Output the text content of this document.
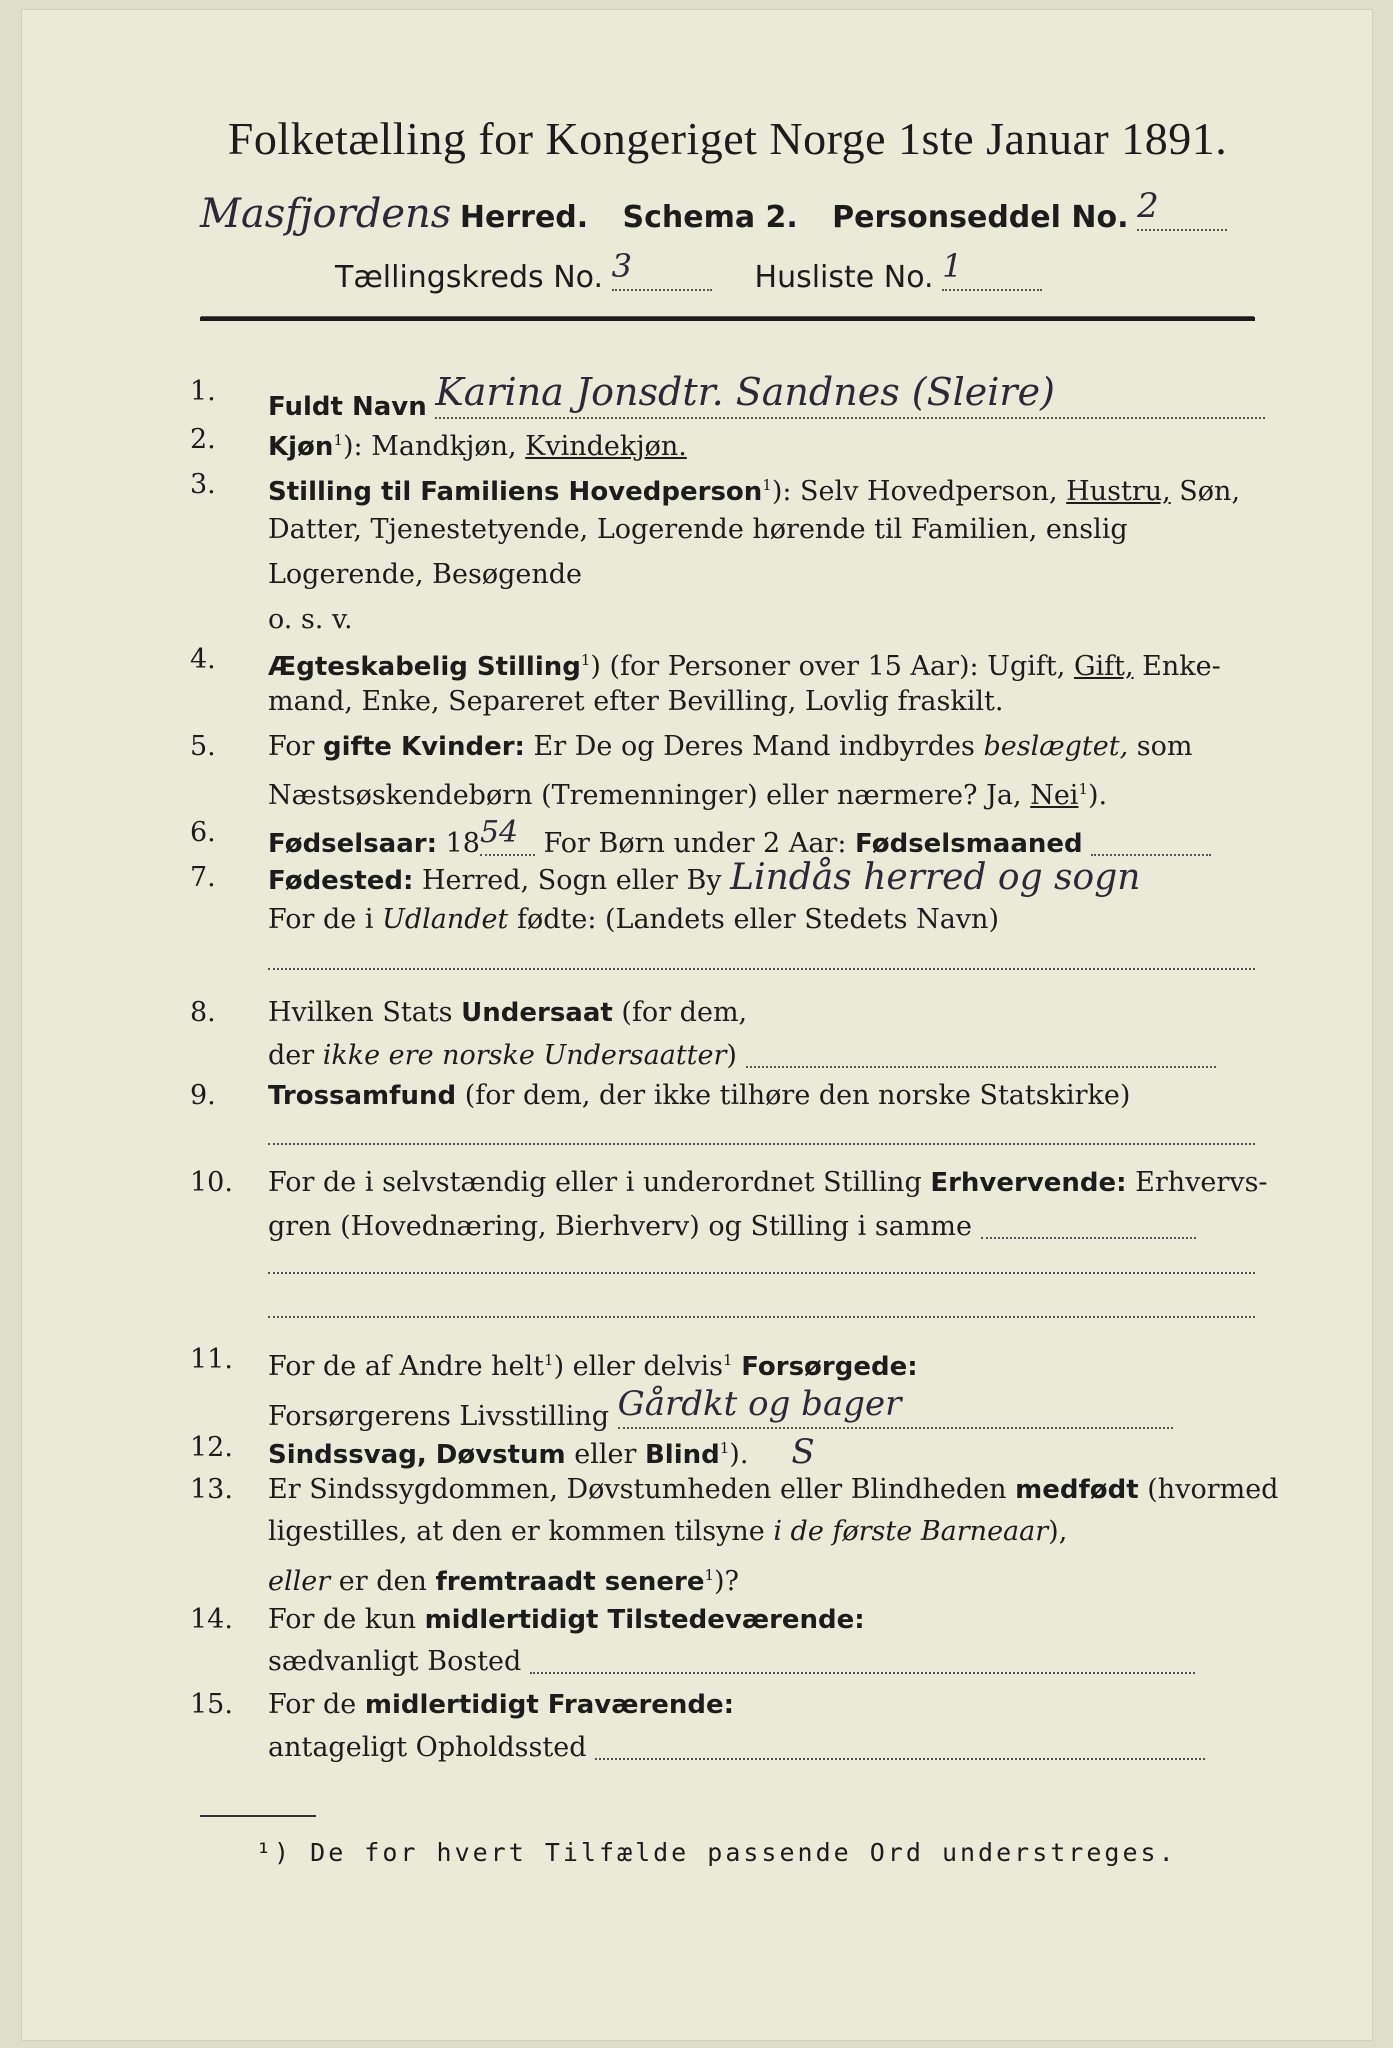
Folketælling for Kongeriget Norge 1ste Januar 1891.
Masfjordens Herred. Schema 2. Personseddel No. 2
Tællingskreds No. 3	Husliste No. 1
1.	Fuldt Navn Karina Jonsdtr. Sandnes (Sleire)
2.	Kjøn$^1$): Mandkjøn, Kvindekjøn.
3.	Stilling til Familiens Hovedperson$^1$): Selv Hovedperson, Hustru, Søn,
Datter, Tjenestetyende, Logerende hørende til Familien, enslig
Logerende, Besøgende
o. s. v.
4.	Ægteskabelig Stilling$^1$) (for Personer over 15 Aar): Ugift, Gift, Enke-
mand, Enke, Separeret efter Bevilling, Lovlig fraskilt.
5.	For gifte Kvinder: Er De og Deres Mand indbyrdes beslægtet, som
Næstsøskendebørn (Tremenninger) eller nærmere? Ja, Nei$^1$).
6.	Fødselsaar: 1854 For Børn under 2 Aar: Fødselsmaaned
7.	Fødested: Herred, Sogn eller By Lindås herred og sogn
For de i Udlandet fødte: (Landets eller Stedets Navn)
8.	Hvilken Stats Undersaat (for dem,
der ikke ere norske Undersaatter)
9.	Trossamfund (for dem, der ikke tilhøre den norske Statskirke)
10.	For de i selvstændig eller i underordnet Stilling Erhvervende: Erhvervs-
gren (Hovednæring, Bierhverv) og Stilling i samme
11.	For de af Andre helt$^1$) eller delvis$^1$ Forsørgede:
Forsørgerens Livsstilling Gårdkt og bager
12.	Sindssvag, Døvstum eller Blind$^1$). S
13.	Er Sindssygdommen, Døvstumheden eller Blindheden medfødt (hvormed
ligestilles, at den er kommen tilsyne i de første Barneaar),
eller er den fremtraadt senere$^1$)?
14.	For de kun midlertidigt Tilstedeværende:
sædvanligt Bosted
15.	For de midlertidigt Fraværende:
antageligt Opholdssted
¹) De for hvert Tilfælde passende Ord understreges.
